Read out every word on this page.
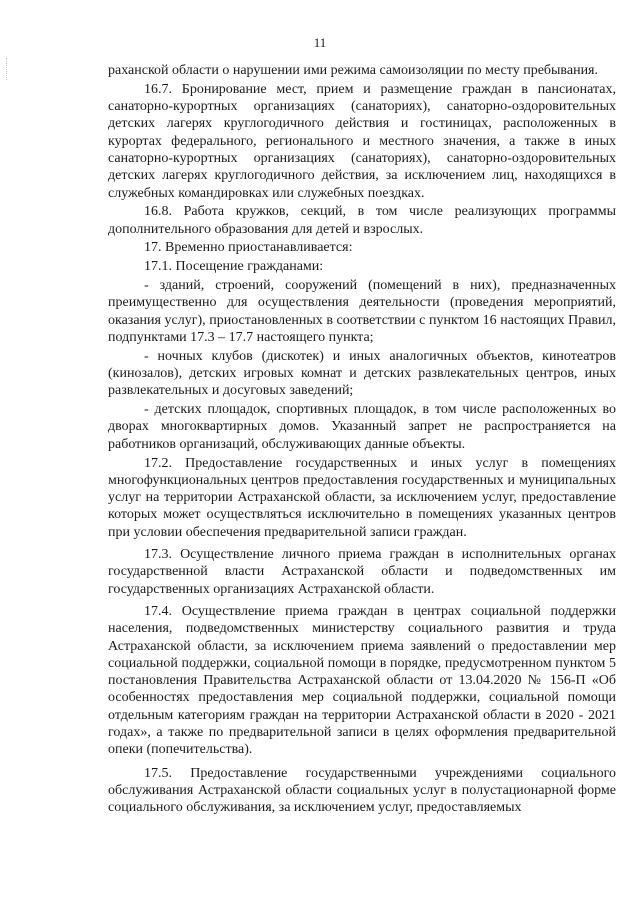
11

раханской области о нарушении ими режима самоизоляции по месту пребывания.

16.7. Бронирование мест, прием и размещение граждан в пансионатах, санаторно-курортных организациях (санаториях), санаторно-оздоровительных детских лагерях круглогодичного действия и гостиницах, расположенных в курортах федерального, регионального и местного значения, а также в иных санаторно-курортных организациях (санаториях), санаторно-оздоровительных детских лагерях круглогодичного действия, за исключением лиц, находящихся в служебных командировках или служебных поездках.

16.8. Работа кружков, секций, в том числе реализующих программы дополнительного образования для детей и взрослых.

17. Временно приостанавливается:

17.1. Посещение гражданами:

- зданий, строений, сооружений (помещений в них), предназначенных преимущественно для осуществления деятельности (проведения мероприятий, оказания услуг), приостановленных в соответствии с пунктом 16 настоящих Правил, подпунктами 17.3 – 17.7 настоящего пункта;

- ночных клубов (дискотек) и иных аналогичных объектов, кинотеатров (кинозалов), детских игровых комнат и детских развлекательных центров, иных развлекательных и досуговых заведений;

- детских площадок, спортивных площадок, в том числе расположенных во дворах многоквартирных домов. Указанный запрет не распространяется на работников организаций, обслуживающих данные объекты.

17.2. Предоставление государственных и иных услуг в помещениях многофункциональных центров предоставления государственных и муниципальных услуг на территории Астраханской области, за исключением услуг, предоставление которых может осуществляться исключительно в помещениях указанных центров при условии обеспечения предварительной записи граждан.

17.3. Осуществление личного приема граждан в исполнительных органах государственной власти Астраханской области и подведомственных им государственных организациях Астраханской области.

17.4. Осуществление приема граждан в центрах социальной поддержки населения, подведомственных министерству социального развития и труда Астраханской области, за исключением приема заявлений о предоставлении мер социальной поддержки, социальной помощи в порядке, предусмотренном пунктом 5 постановления Правительства Астраханской области от 13.04.2020 № 156-П «Об особенностях предоставления мер социальной поддержки, социальной помощи отдельным категориям граждан на территории Астраханской области в 2020 - 2021 годах», а также по предварительной записи в целях оформления предварительной опеки (попечительства).

17.5. Предоставление государственными учреждениями социального обслуживания Астраханской области социальных услуг в полустационарной форме социального обслуживания, за исключением услуг, предоставляемых
